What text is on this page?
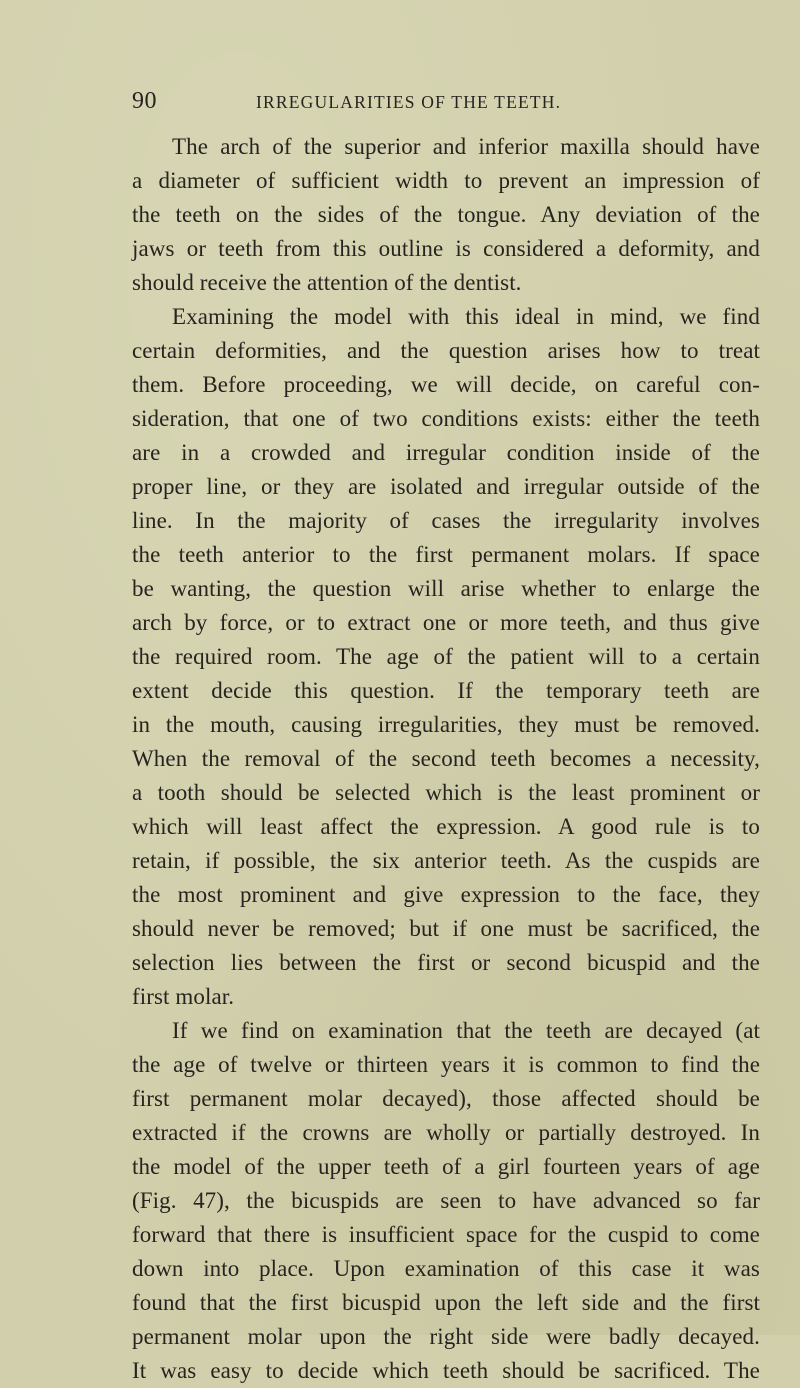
90	IRREGULARITIES OF THE TEETH.
The arch of the superior and inferior maxilla should have
a diameter of sufficient width to prevent an impression of
the teeth on the sides of the tongue. Any deviation of the
jaws or teeth from this outline is considered a deformity, and
should receive the attention of the dentist.
Examining the model with this ideal in mind, we find
certain deformities, and the question arises how to treat
them. Before proceeding, we will decide, on careful con-
sideration, that one of two conditions exists: either the teeth
are in a crowded and irregular condition inside of the
proper line, or they are isolated and irregular outside of the
line. In the majority of cases the irregularity involves
the teeth anterior to the first permanent molars. If space
be wanting, the question will arise whether to enlarge the
arch by force, or to extract one or more teeth, and thus give
the required room. The age of the patient will to a certain
extent decide this question. If the temporary teeth are
in the mouth, causing irregularities, they must be removed.
When the removal of the second teeth becomes a necessity,
a tooth should be selected which is the least prominent or
which will least affect the expression. A good rule is to
retain, if possible, the six anterior teeth. As the cuspids are
the most prominent and give expression to the face, they
should never be removed; but if one must be sacrificed, the
selection lies between the first or second bicuspid and the
first molar.
If we find on examination that the teeth are decayed (at
the age of twelve or thirteen years it is common to find the
first permanent molar decayed), those affected should be
extracted if the crowns are wholly or partially destroyed. In
the model of the upper teeth of a girl fourteen years of age
(Fig. 47), the bicuspids are seen to have advanced so far
forward that there is insufficient space for the cuspid to come
down into place. Upon examination of this case it was
found that the first bicuspid upon the left side and the first
permanent molar upon the right side were badly decayed.
It was easy to decide which teeth should be sacrificed. The
